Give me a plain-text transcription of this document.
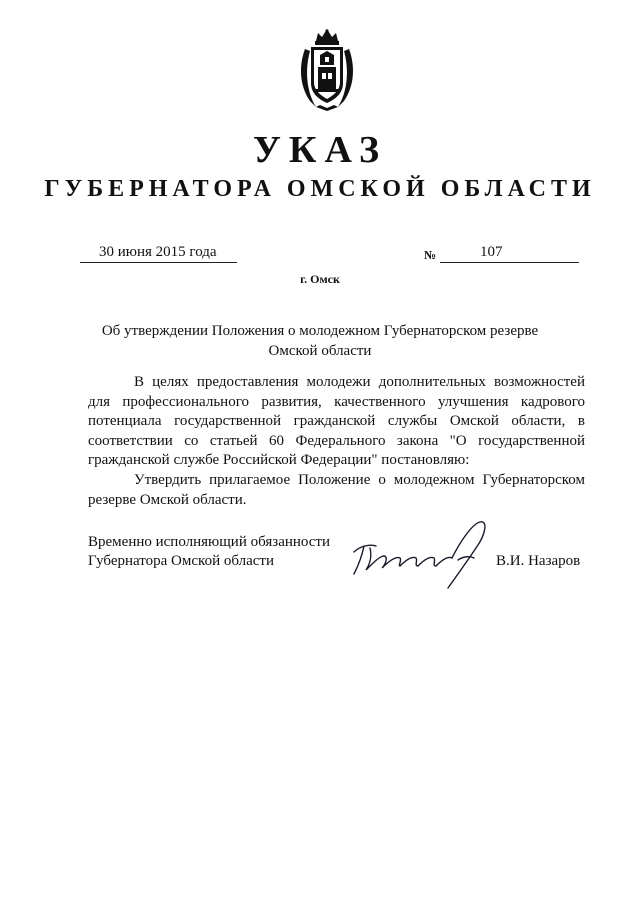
УКАЗ
ГУБЕРНАТОРА ОМСКОЙ ОБЛАСТИ
30 июня 2015 года	№	107
г. Омск
Об утверждении Положения о молодежном Губернаторском резерве
Омской области

В целях предоставления молодежи дополнительных возможностей для профессионального развития, качественного улучшения кадрового потенциала государственной гражданской службы Омской области, в соответствии со статьей 60 Федерального закона "О государственной гражданской службе Российской Федерации" постановляю:

Утвердить прилагаемое Положение о молодежном Губернаторском резерве Омской области.

Временно исполняющий обязанности
Губернатора Омской области	В.И. Назаров
